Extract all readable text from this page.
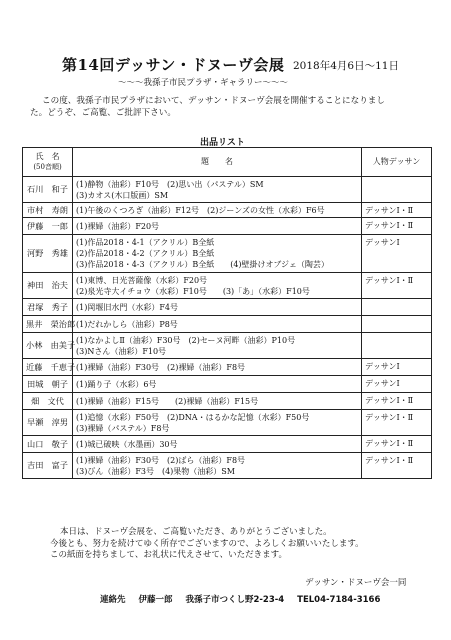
第14回デッサン・ドヌーヴ会展 2018年4月6日〜11日
〜〜〜我孫子市民プラザ・ギャラリー〜〜〜

この度、我孫子市民プラザにおいて、デッサン・ドヌーヴ会展を開催することになりまし

た。どうぞ、ご高覧、ご批評下さい。

出品リスト
氏　名
(50音順)	題　　名	人物デッサン
石川　和子	(1)静物（油彩）F10号　(2)思い出（パステル）SM
(3)カオス(木口版画）SM	

市村　寿朗	(1)午後のくつろぎ（油彩）F12号　(2)ジーンズの女性（水彩）F6号	デッサンⅠ・Ⅱ
伊藤　一郎	(1)裸婦（油彩）F20号	デッサンⅠ・Ⅱ
河野　秀雄	(1)作品2018・4-1（アクリル）B全紙
(2)作品2018・4-2（アクリル）B全紙
(3)作品2018・4-3（アクリル）B全紙　　(4)壁掛けオブジェ（陶芸）	デッサンⅠ
神田　治夫	(1)東博、日光菩薩像（水彩）F20号
(2)泉光寺大イチョウ（水彩）F10号　　(3)「あ」（水彩）F10号	デッサンⅠ・Ⅱ
君塚　秀子	(1)岡堰旧水門（水彩）F4号	

黒井　榮治郎	(1)だれかしら（油彩）P8号	

小林　由美子	(1)なかよしⅡ（油彩）F30号　(2)セーヌ河畔（油彩）P10号
(3)Nさん（油彩）F10号	

近藤　千恵子	(1)裸婦（油彩）F30号　(2)裸婦（油彩）F8号	デッサンⅠ
田城　朝子	(1)踊り子（水彩）6号	デッサンⅠ
畑　文代	(1)裸婦（油彩）F15号　　(2)裸婦（油彩）F15号	デッサンⅠ・Ⅱ
早瀬　淳男	(1)追憶（水彩）F50号　(2)DNA・はるかな記憶（水彩）F50号
(3)裸婦（パステル）F8号	デッサンⅠ・Ⅱ
山口　敬子	(1)城已破映（水墨画）30号	デッサンⅠ・Ⅱ
吉田　富子	(1)裸婦（油彩）F30号　(2)ばら（油彩）F8号
(3)びん（油彩）F3号　(4)果物（油彩）SM	デッサンⅠ・Ⅱ

本日は、ドヌーヴ会展を、ご高覧いただき、ありがとうございました。

今後とも、努力を続けてゆく所存でございますので、よろしくお願いいたします。

この紙面を持ちまして、お礼状に代えさせて、いただきます。

デッサン・ドヌーヴ会一同
連絡先 伊藤一郎 我孫子市つくし野2-23-4 TEL04-7184-3166
